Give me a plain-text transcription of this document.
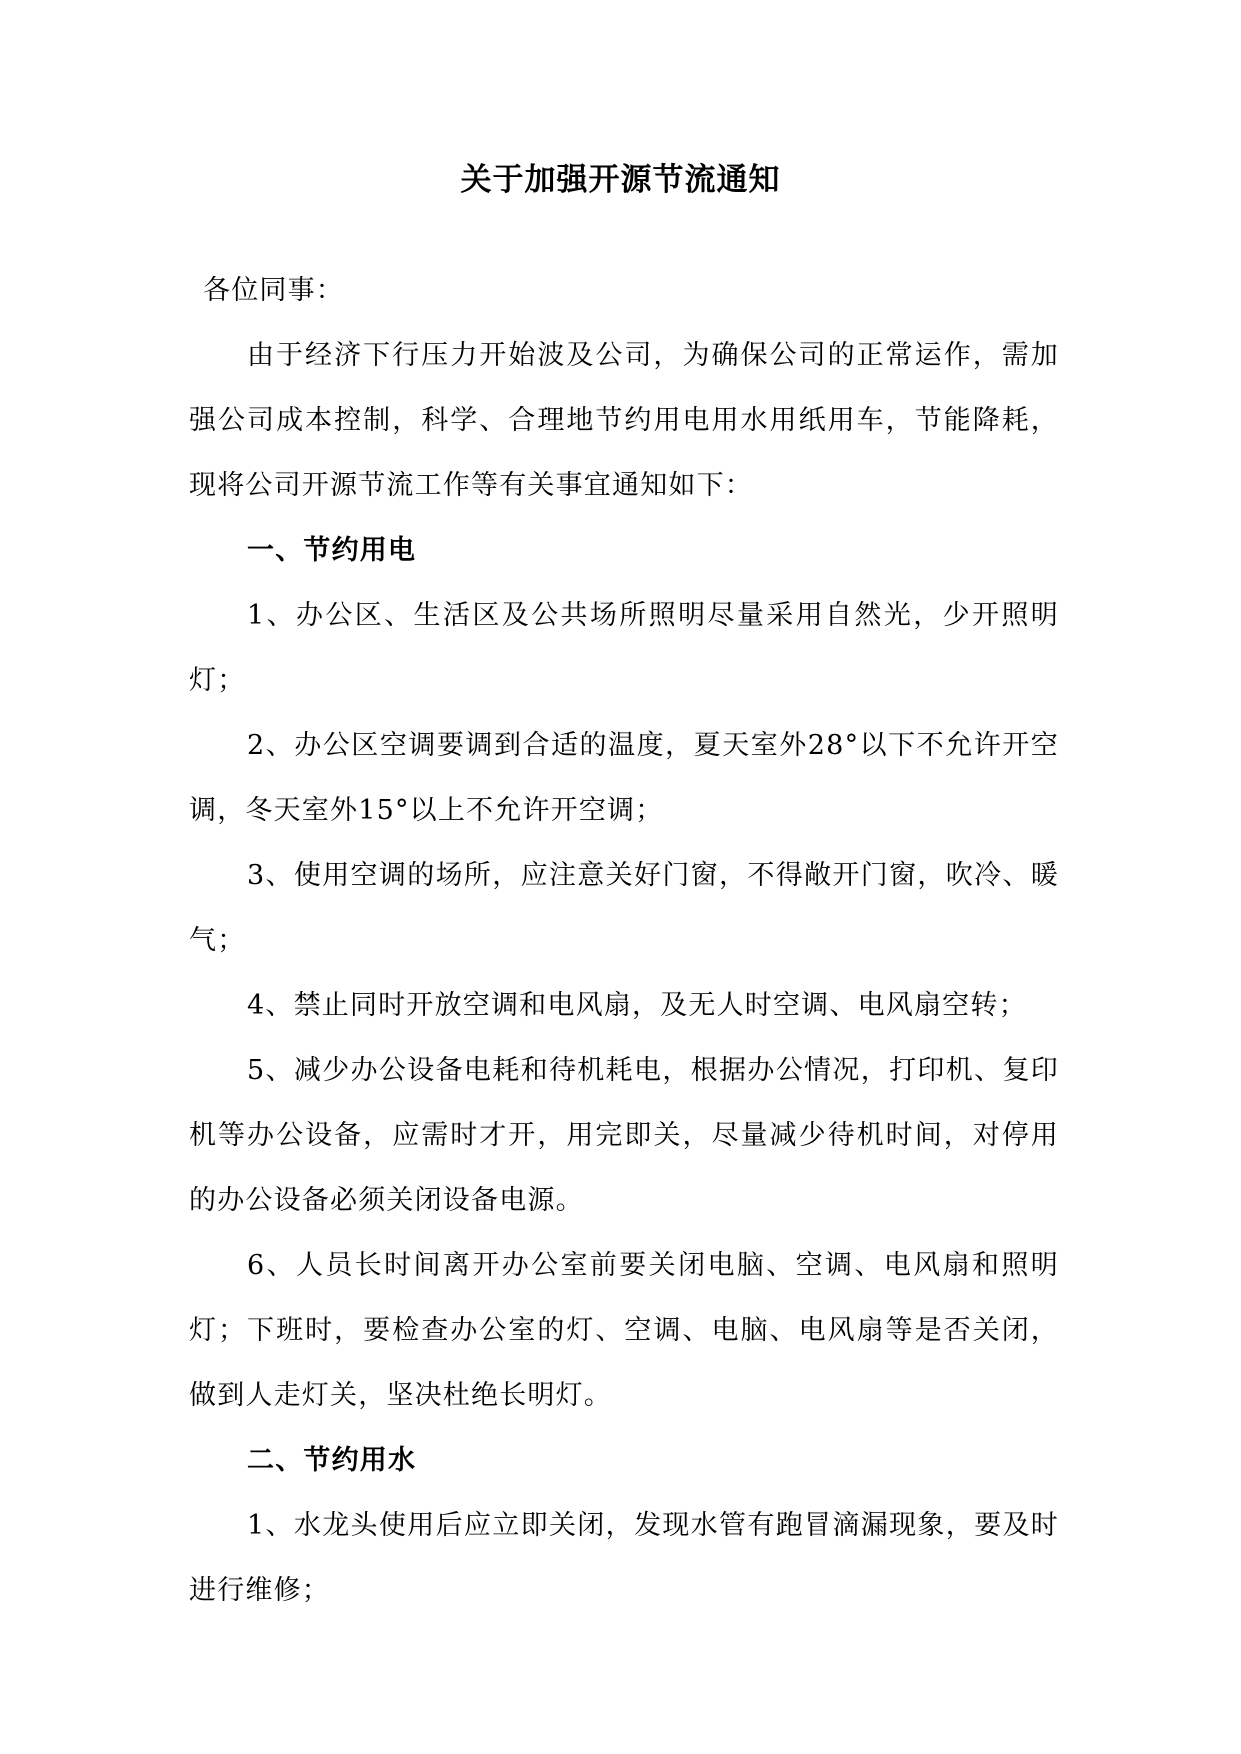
关于加强开源节流通知

各位同事：

由于经济下行压力开始波及公司，为确保公司的正常运作，需加强公司成本控制，科学、合理地节约用电用水用纸用车，节能降耗，现将公司开源节流工作等有关事宜通知如下：

一、节约用电

1、办公区、生活区及公共场所照明尽量采用自然光，少开照明灯；

2、办公区空调要调到合适的温度，夏天室外28°以下不允许开空调，冬天室外15°以上不允许开空调；

3、使用空调的场所，应注意关好门窗，不得敞开门窗，吹冷、暖气；

4、禁止同时开放空调和电风扇，及无人时空调、电风扇空转；

5、减少办公设备电耗和待机耗电，根据办公情况，打印机、复印机等办公设备，应需时才开，用完即关，尽量减少待机时间，对停用的办公设备必须关闭设备电源。

6、人员长时间离开办公室前要关闭电脑、空调、电风扇和照明灯；下班时，要检查办公室的灯、空调、电脑、电风扇等是否关闭，做到人走灯关，坚决杜绝长明灯。

二、节约用水

1、水龙头使用后应立即关闭，发现水管有跑冒滴漏现象，要及时进行维修；
